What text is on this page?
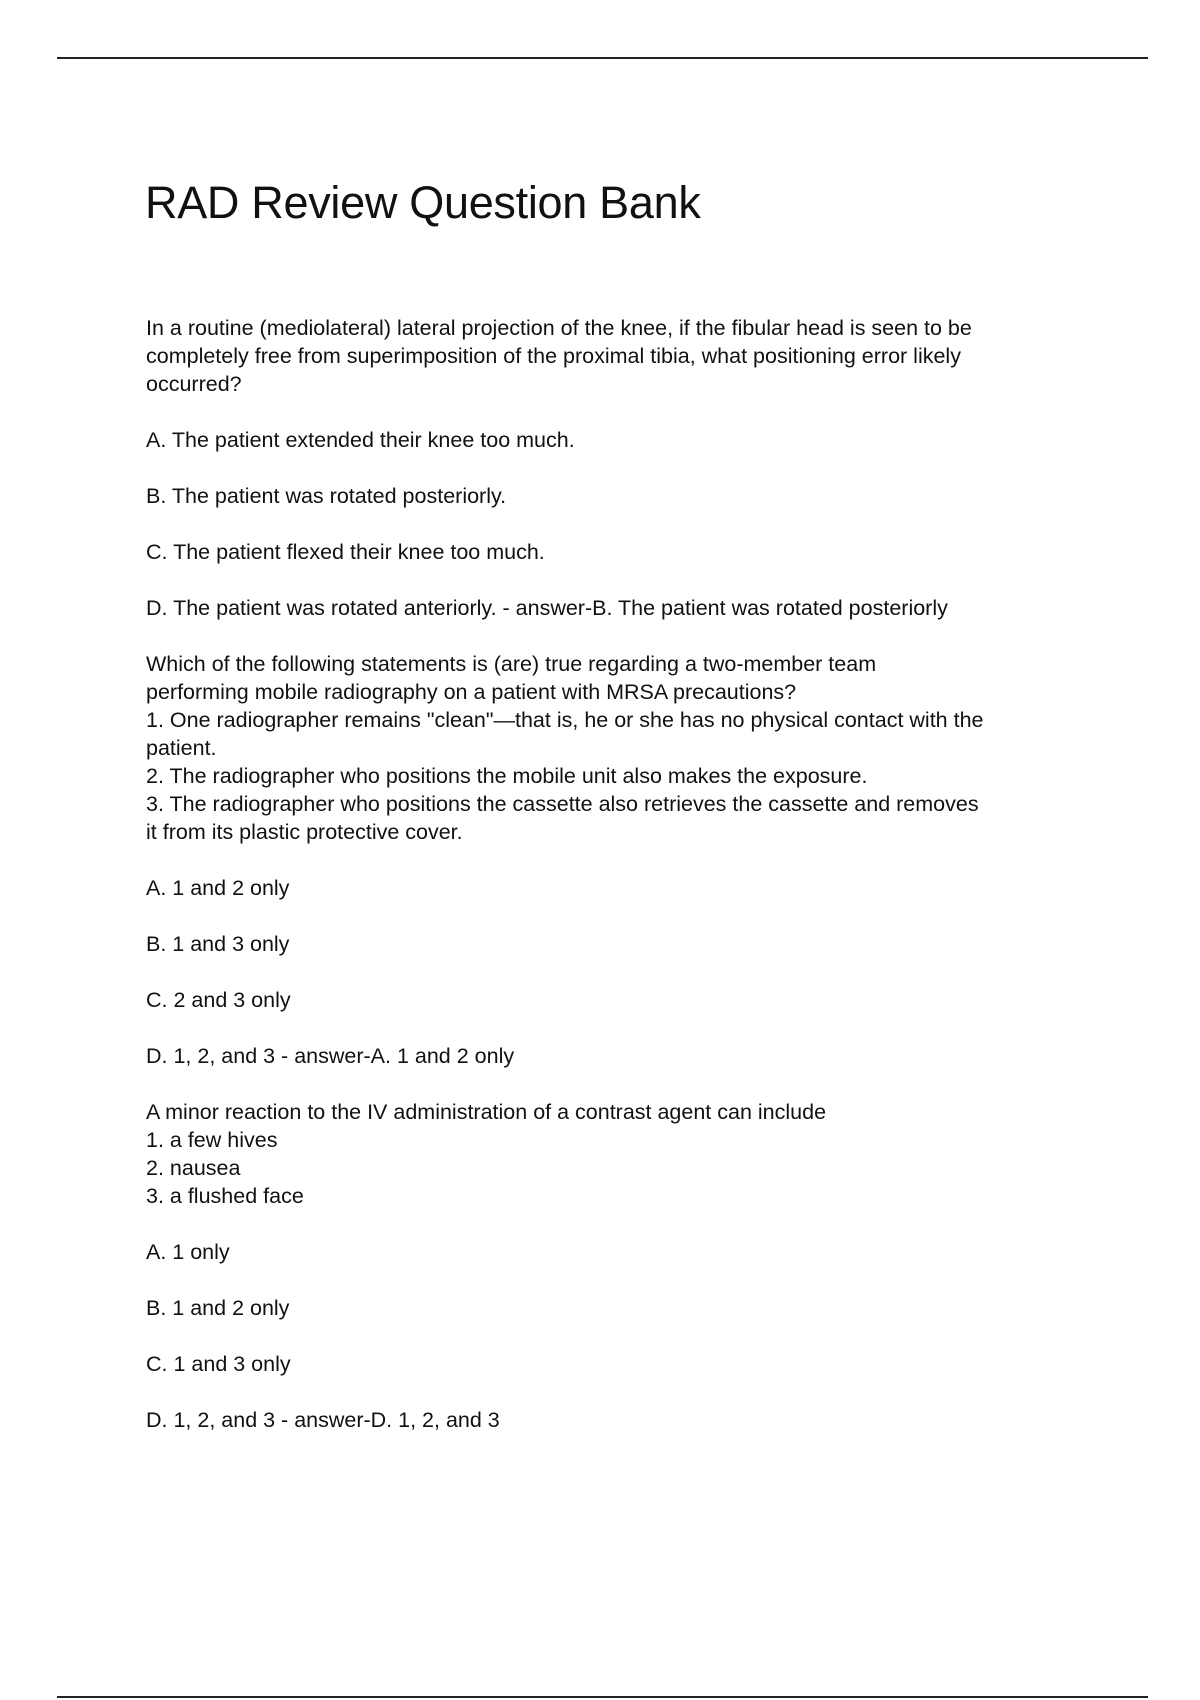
RAD Review Question Bank
In a routine (mediolateral) lateral projection of the knee, if the fibular head is seen to be
completely free from superimposition of the proximal tibia, what positioning error likely
occurred?
A. The patient extended their knee too much.
B. The patient was rotated posteriorly.
C. The patient flexed their knee too much.
D. The patient was rotated anteriorly. - answer-B. The patient was rotated posteriorly
Which of the following statements is (are) true regarding a two-member team
performing mobile radiography on a patient with MRSA precautions?
1. One radiographer remains "clean"—that is, he or she has no physical contact with the
patient.
2. The radiographer who positions the mobile unit also makes the exposure.
3. The radiographer who positions the cassette also retrieves the cassette and removes
it from its plastic protective cover.
A. 1 and 2 only
B. 1 and 3 only
C. 2 and 3 only
D. 1, 2, and 3 - answer-A. 1 and 2 only
A minor reaction to the IV administration of a contrast agent can include
1. a few hives
2. nausea
3. a flushed face
A. 1 only
B. 1 and 2 only
C. 1 and 3 only
D. 1, 2, and 3 - answer-D. 1, 2, and 3
